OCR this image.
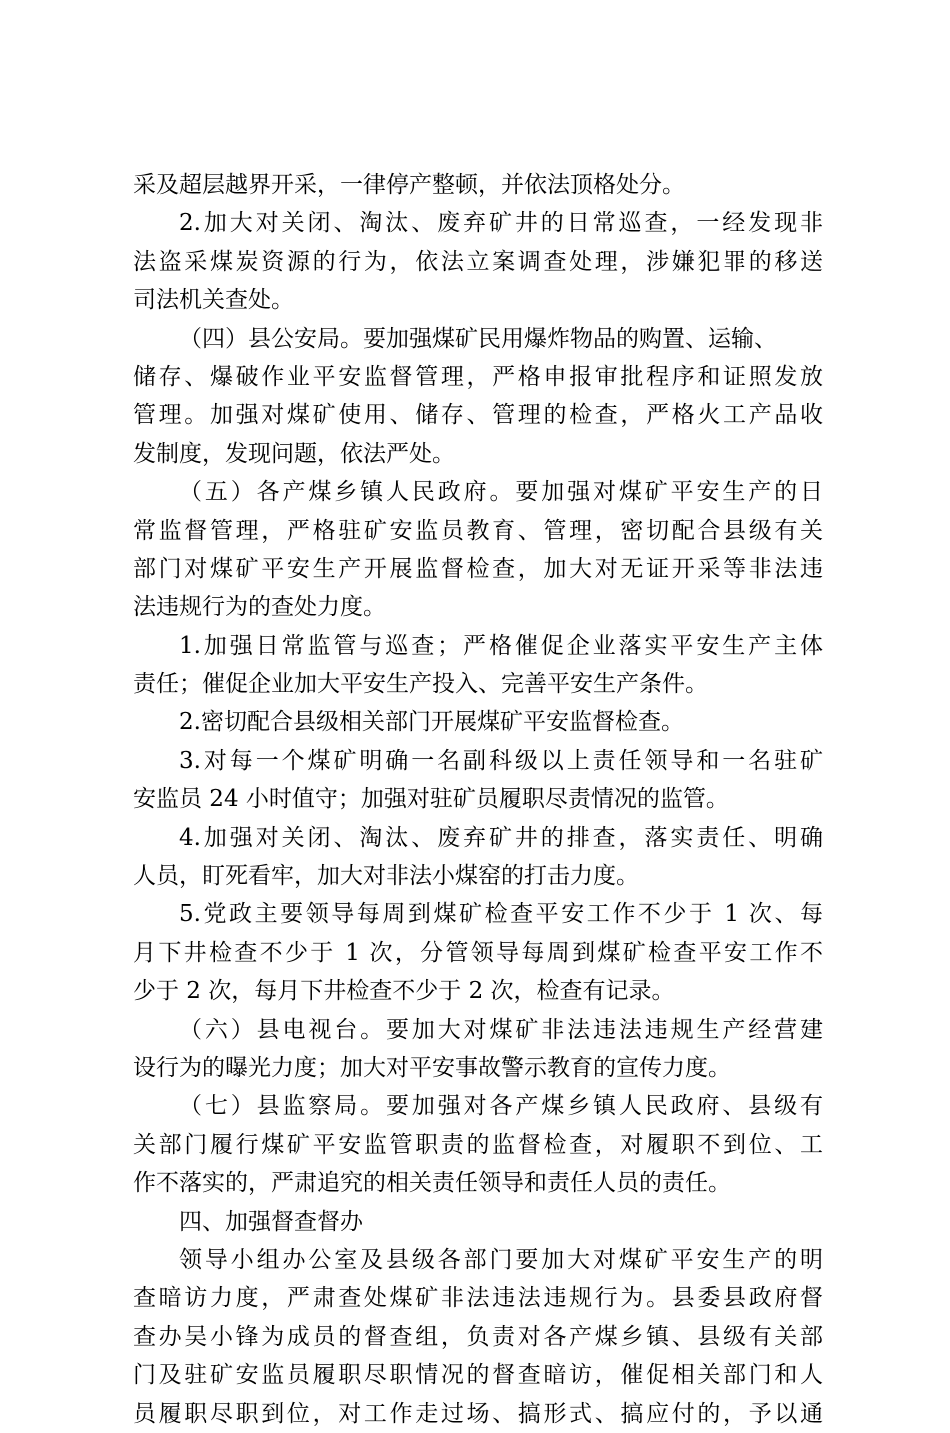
采及超层越界开采，一律停产整顿，并依法顶格处分。
2.加大对关闭、淘汰、废弃矿井的日常巡查，一经发现非
法盗采煤炭资源的行为，依法立案调查处理，涉嫌犯罪的移送
司法机关查处。
（四）县公安局。要加强煤矿民用爆炸物品的购置、运输、
储存、爆破作业平安监督管理，严格申报审批程序和证照发放
管理。加强对煤矿使用、储存、管理的检查，严格火工产品收
发制度，发现问题，依法严处。
（五）各产煤乡镇人民政府。要加强对煤矿平安生产的日
常监督管理，严格驻矿安监员教育、管理，密切配合县级有关
部门对煤矿平安生产开展监督检查，加大对无证开采等非法违
法违规行为的查处力度。
1.加强日常监管与巡查；严格催促企业落实平安生产主体
责任；催促企业加大平安生产投入、完善平安生产条件。
2.密切配合县级相关部门开展煤矿平安监督检查。
3.对每一个煤矿明确一名副科级以上责任领导和一名驻矿
安监员 24 小时值守；加强对驻矿员履职尽责情况的监管。
4.加强对关闭、淘汰、废弃矿井的排查，落实责任、明确
人员，盯死看牢，加大对非法小煤窑的打击力度。
5.党政主要领导每周到煤矿检查平安工作不少于 1 次、每
月下井检查不少于 1 次，分管领导每周到煤矿检查平安工作不
少于 2 次，每月下井检查不少于 2 次，检查有记录。
（六）县电视台。要加大对煤矿非法违法违规生产经营建
设行为的曝光力度；加大对平安事故警示教育的宣传力度。
（七）县监察局。要加强对各产煤乡镇人民政府、县级有
关部门履行煤矿平安监管职责的监督检查，对履职不到位、工
作不落实的，严肃追究的相关责任领导和责任人员的责任。
四、加强督查督办
领导小组办公室及县级各部门要加大对煤矿平安生产的明
查暗访力度，严肃查处煤矿非法违法违规行为。县委县政府督
查办吴小锋为成员的督查组，负责对各产煤乡镇、县级有关部
门及驻矿安监员履职尽职情况的督查暗访，催促相关部门和人
员履职尽职到位，对工作走过场、搞形式、搞应付的，予以通
